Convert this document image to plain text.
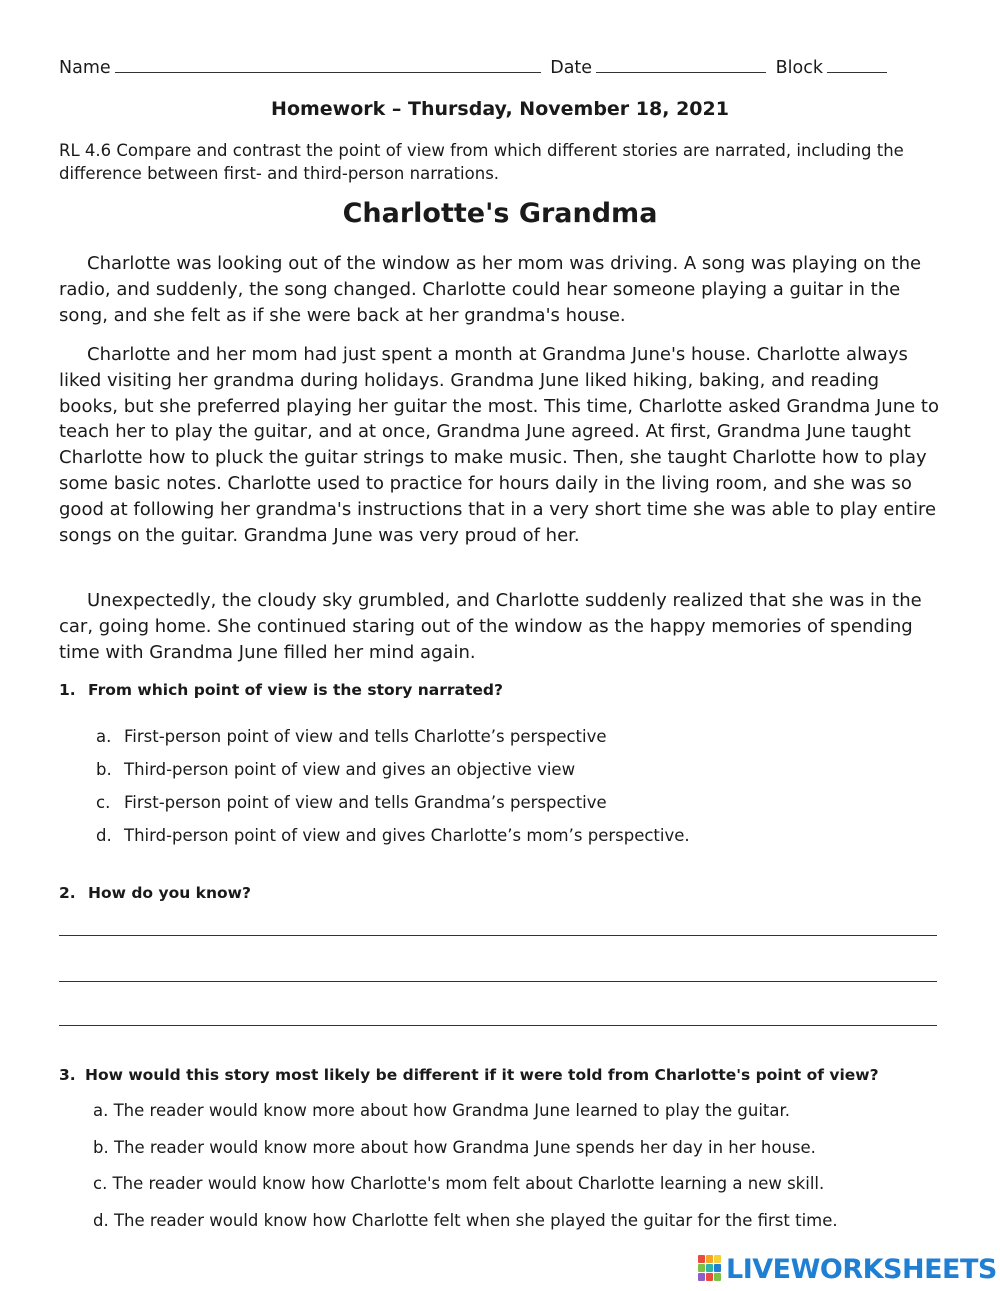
Name	Date	Block
Homework – Thursday, November 18, 2021
RL 4.6 Compare and contrast the point of view from which different stories are narrated, including the difference between first- and third-person narrations.
Charlotte's Grandma
Charlotte was looking out of the window as her mom was driving. A song was playing on the radio, and suddenly, the song changed. Charlotte could hear someone playing a guitar in the song, and she felt as if she were back at her grandma's house.
Charlotte and her mom had just spent a month at Grandma June's house. Charlotte always liked visiting her grandma during holidays. Grandma June liked hiking, baking, and reading books, but she preferred playing her guitar the most. This time, Charlotte asked Grandma June to teach her to play the guitar, and at once, Grandma June agreed. At first, Grandma June taught Charlotte how to pluck the guitar strings to make music. Then, she taught Charlotte how to play some basic notes. Charlotte used to practice for hours daily in the living room, and she was so good at following her grandma's instructions that in a very short time she was able to play entire songs on the guitar. Grandma June was very proud of her.
Unexpectedly, the cloudy sky grumbled, and Charlotte suddenly realized that she was in the car, going home. She continued staring out of the window as the happy memories of spending time with Grandma June filled her mind again.
1. From which point of view is the story narrated?
a. First-person point of view and tells Charlotte’s perspective
b. Third-person point of view and gives an objective view
c. First-person point of view and tells Grandma’s perspective
d. Third-person point of view and gives Charlotte’s mom’s perspective.
2. How do you know?
3. How would this story most likely be different if it were told from Charlotte's point of view?
a. The reader would know more about how Grandma June learned to play the guitar.
b. The reader would know more about how Grandma June spends her day in her house.
c. The reader would know how Charlotte's mom felt about Charlotte learning a new skill.
d. The reader would know how Charlotte felt when she played the guitar for the first time.
LIVEWORKSHEETS
